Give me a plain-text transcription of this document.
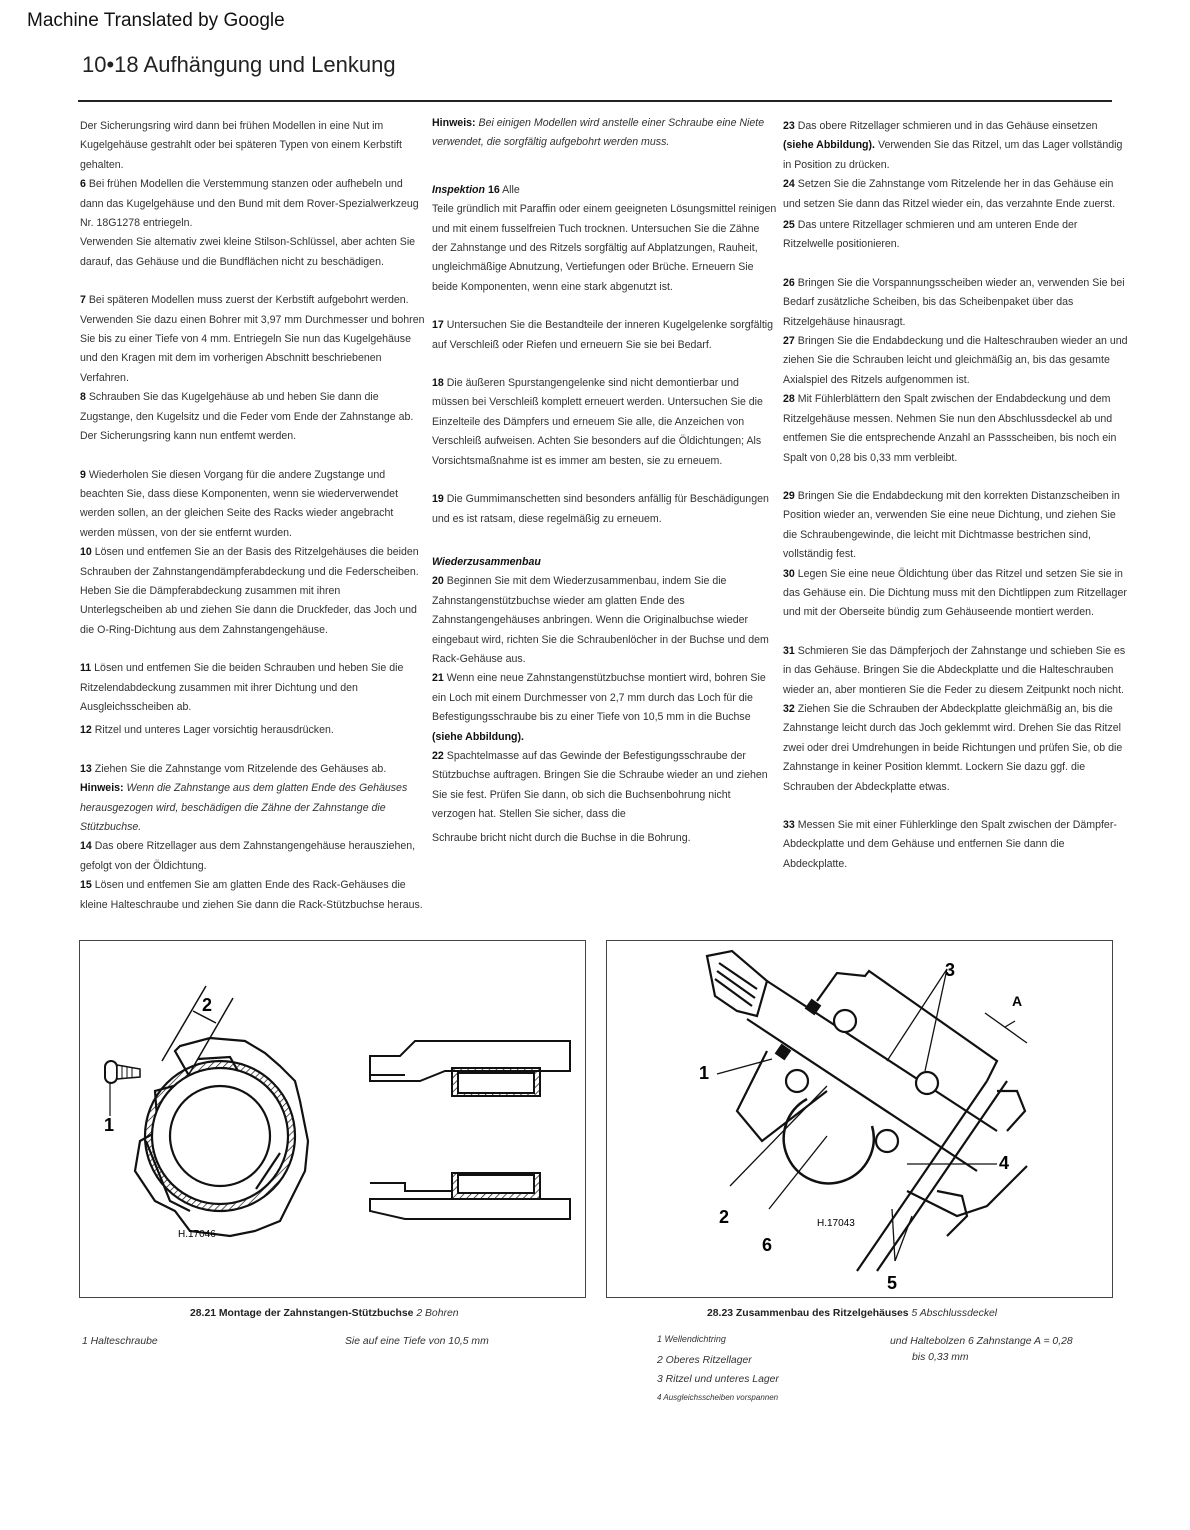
Machine Translated by Google
10•18 Aufhängung und Lenkung

Der Sicherungsring wird dann bei frühen Modellen in eine Nut im Kugelgehäuse gestrahlt oder bei späteren Typen von einem Kerbstift gehalten.

6 Bei frühen Modellen die Verstemmung stanzen oder aufhebeln und dann das Kugelgehäuse und den Bund mit dem Rover-Spezialwerkzeug Nr. 18G1278 entriegeln.

Verwenden Sie altemativ zwei kleine Stilson-Schlüssel, aber achten Sie darauf, das Gehäuse und die Bundflächen nicht zu beschädigen.

7 Bei späteren Modellen muss zuerst der Kerbstift aufgebohrt werden. Verwenden Sie dazu einen Bohrer mit 3,97 mm Durchmesser und bohren Sie bis zu einer Tiefe von 4 mm. Entriegeln Sie nun das Kugelgehäuse und den Kragen mit dem im vorherigen Abschnitt beschriebenen Verfahren.

8 Schrauben Sie das Kugelgehäuse ab und heben Sie dann die Zugstange, den Kugelsitz und die Feder vom Ende der Zahnstange ab. Der Sicherungsring kann nun entfemt werden.

9 Wiederholen Sie diesen Vorgang für die andere Zugstange und beachten Sie, dass diese Komponenten, wenn sie wiederverwendet werden sollen, an der gleichen Seite des Racks wieder angebracht werden müssen, von der sie entfernt wurden.

10 Lösen und entfemen Sie an der Basis des Ritzelgehäuses die beiden Schrauben der Zahnstangendämpferabdeckung und die Federscheiben. Heben Sie die Dämpferabdeckung zusammen mit ihren Unterlegscheiben ab und ziehen Sie dann die Druckfeder, das Joch und die O-Ring-Dichtung aus dem Zahnstangengehäuse.

11 Lösen und entfemen Sie die beiden Schrauben und heben Sie die Ritzelendabdeckung zusammen mit ihrer Dichtung und den Ausgleichsscheiben ab.

12 Ritzel und unteres Lager vorsichtig herausdrücken.

13 Ziehen Sie die Zahnstange vom Ritzelende des Gehäuses ab.

Hinweis: Wenn die Zahnstange aus dem glatten Ende des Gehäuses herausgezogen wird, beschädigen die Zähne der Zahnstange die Stützbuchse.

14 Das obere Ritzellager aus dem Zahnstangengehäuse herausziehen, gefolgt von der Öldichtung.

15 Lösen und entfemen Sie am glatten Ende des Rack-Gehäuses die kleine Halteschraube und ziehen Sie dann die Rack-Stützbuchse heraus.

Hinweis: Bei einigen Modellen wird anstelle einer Schraube eine Niete verwendet, die sorgfältig aufgebohrt werden muss.

Inspektion 16 Alle

Teile gründlich mit Paraffin oder einem geeigneten Lösungsmittel reinigen und mit einem fusselfreien Tuch trocknen. Untersuchen Sie die Zähne der Zahnstange und des Ritzels sorgfältig auf Abplatzungen, Rauheit, ungleichmäßige Abnutzung, Vertiefungen oder Brüche. Erneuern Sie beide Komponenten, wenn eine stark abgenutzt ist.

17 Untersuchen Sie die Bestandteile der inneren Kugelgelenke sorgfältig auf Verschleiß oder Riefen und erneuern Sie sie bei Bedarf.

18 Die äußeren Spurstangengelenke sind nicht demontierbar und müssen bei Verschleiß komplett erneuert werden. Untersuchen Sie die Einzelteile des Dämpfers und erneuem Sie alle, die Anzeichen von Verschleiß aufweisen. Achten Sie besonders auf die Öldichtungen; Als Vorsichtsmaßnahme ist es immer am besten, sie zu erneuem.

19 Die Gummimanschetten sind besonders anfällig für Beschädigungen und es ist ratsam, diese regelmäßig zu erneuem.

Wiederzusammenbau

20 Beginnen Sie mit dem Wiederzusammenbau, indem Sie die Zahnstangenstützbuchse wieder am glatten Ende des Zahnstangengehäuses anbringen. Wenn die Originalbuchse wieder eingebaut wird, richten Sie die Schraubenlöcher in der Buchse und dem Rack-Gehäuse aus.

21 Wenn eine neue Zahnstangenstützbuchse montiert wird, bohren Sie ein Loch mit einem Durchmesser von 2,7 mm durch das Loch für die Befestigungsschraube bis zu einer Tiefe von 10,5 mm in die Buchse (siehe Abbildung).

22 Spachtelmasse auf das Gewinde der Befestigungsschraube der Stützbuchse auftragen. Bringen Sie die Schraube wieder an und ziehen Sie sie fest. Prüfen Sie dann, ob sich die Buchsenbohrung nicht verzogen hat. Stellen Sie sicher, dass die

Schraube bricht nicht durch die Buchse in die Bohrung.

23 Das obere Ritzellager schmieren und in das Gehäuse einsetzen (siehe Abbildung). Verwenden Sie das Ritzel, um das Lager vollständig in Position zu drücken.

24 Setzen Sie die Zahnstange vom Ritzelende her in das Gehäuse ein und setzen Sie dann das Ritzel wieder ein, das verzahnte Ende zuerst.

25 Das untere Ritzellager schmieren und am unteren Ende der Ritzelwelle positionieren.

26 Bringen Sie die Vorspannungsscheiben wieder an, verwenden Sie bei Bedarf zusätzliche Scheiben, bis das Scheibenpaket über das Ritzelgehäuse hinausragt.

27 Bringen Sie die Endabdeckung und die Halteschrauben wieder an und ziehen Sie die Schrauben leicht und gleichmäßig an, bis das gesamte Axialspiel des Ritzels aufgenommen ist.

28 Mit Fühlerblättern den Spalt zwischen der Endabdeckung und dem Ritzelgehäuse messen. Nehmen Sie nun den Abschlussdeckel ab und entfemen Sie die entsprechende Anzahl an Passscheiben, bis noch ein Spalt von 0,28 bis 0,33 mm verbleibt.

29 Bringen Sie die Endabdeckung mit den korrekten Distanzscheiben in Position wieder an, verwenden Sie eine neue Dichtung, und ziehen Sie die Schraubengewinde, die leicht mit Dichtmasse bestrichen sind, vollständig fest.

30 Legen Sie eine neue Öldichtung über das Ritzel und setzen Sie sie in das Gehäuse ein. Die Dichtung muss mit den Dichtlippen zum Ritzellager und mit der Oberseite bündig zum Gehäuseende montiert werden.

31 Schmieren Sie das Dämpferjoch der Zahnstange und schieben Sie es in das Gehäuse. Bringen Sie die Abdeckplatte und die Halteschrauben wieder an, aber montieren Sie die Feder zu diesem Zeitpunkt noch nicht.

32 Ziehen Sie die Schrauben der Abdeckplatte gleichmäßig an, bis die Zahnstange leicht durch das Joch geklemmt wird. Drehen Sie das Ritzel zwei oder drei Umdrehungen in beide Richtungen und prüfen Sie, ob die Zahnstange in keiner Position klemmt. Lockern Sie dazu ggf. die Schrauben der Abdeckplatte etwas.

33 Messen Sie mit einer Fühlerklinge den Spalt zwischen der Dämpfer-Abdeckplatte und dem Gehäuse und entfernen Sie dann die Abdeckplatte.

1
2
H.17046
1
2
3
4
5
6
A
H.17043
28.21 Montage der Zahnstangen-Stützbuchse 2 Bohren
1 Halteschraube	Sie auf eine Tiefe von 10,5 mm
28.23 Zusammenbau des Ritzelgehäuses 5 Abschlussdeckel
1 Wellendichtring
2 Oberes Ritzellager
3 Ritzel und unteres Lager
4 Ausgleichsscheiben vorspannen
und Haltebolzen 6 Zahnstange A = 0,28
bis 0,33 mm
